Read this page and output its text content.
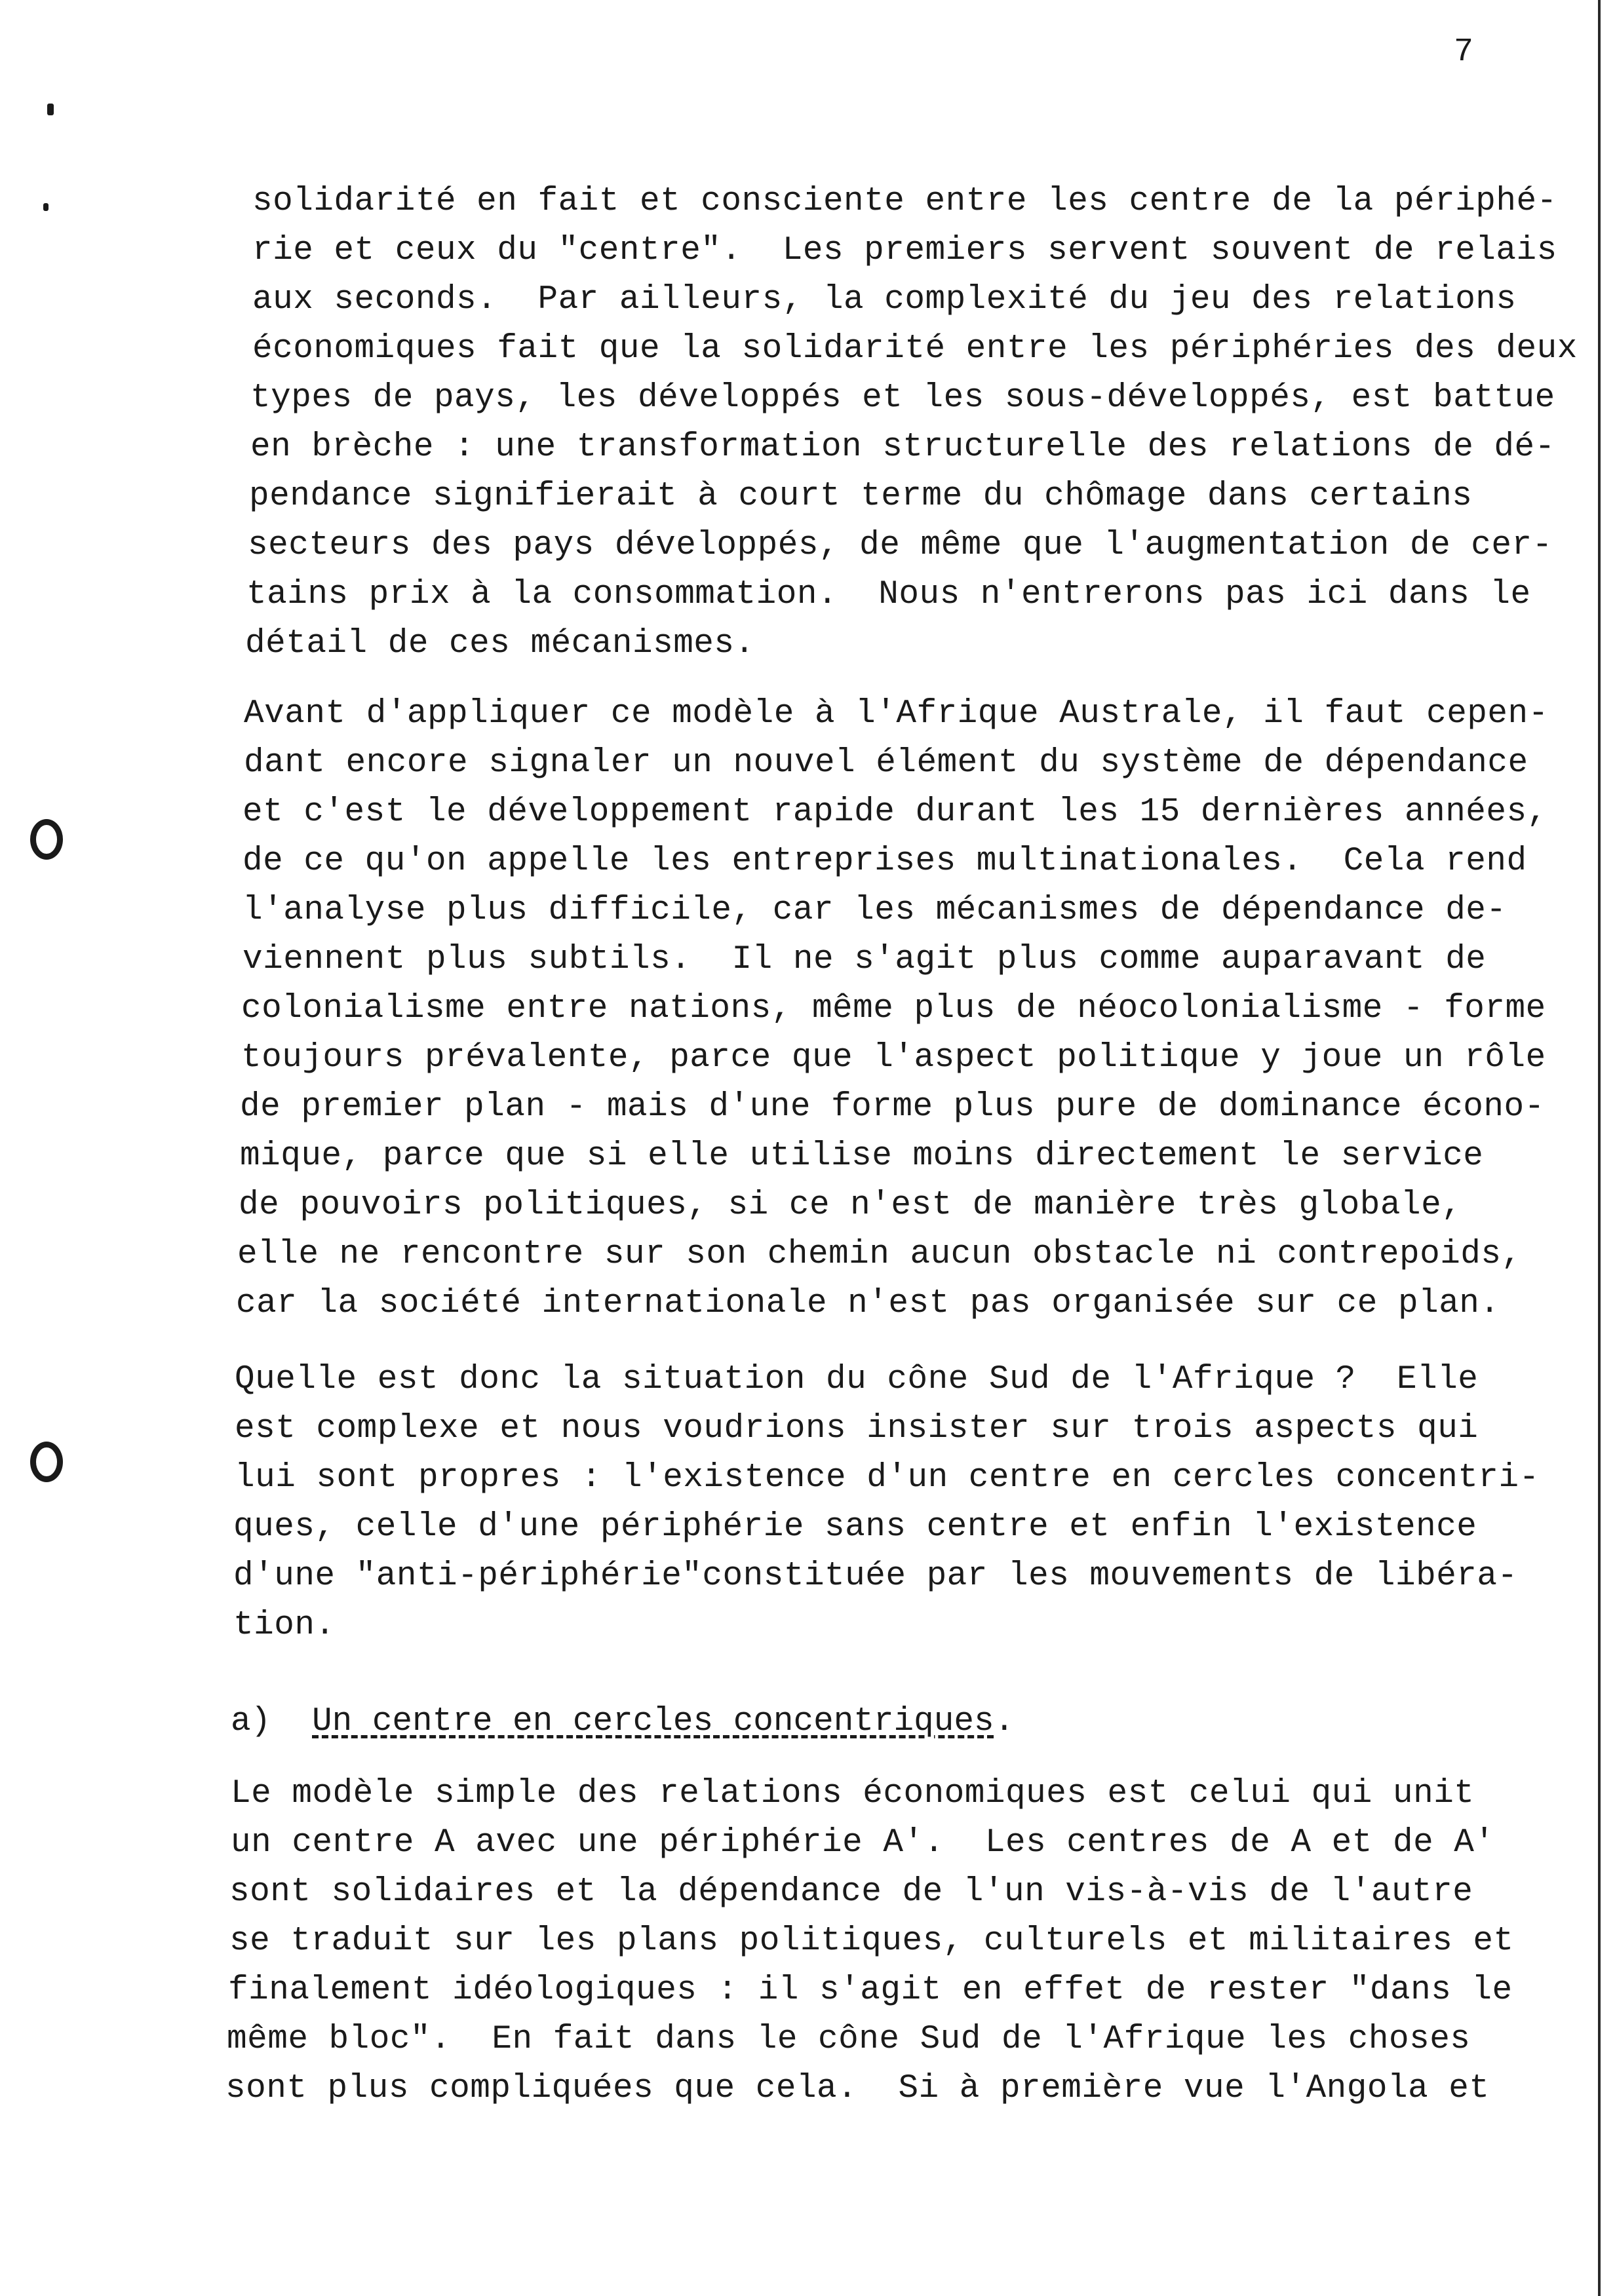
7
solidarité en fait et consciente entre les centre de la périphé-
rie et ceux du "centre".  Les premiers servent souvent de relais
aux seconds.  Par ailleurs, la complexité du jeu des relations
économiques fait que la solidarité entre les périphéries des deux
types de pays, les développés et les sous-développés, est battue
en brèche : une transformation structurelle des relations de dé-
pendance signifierait à court terme du chômage dans certains
secteurs des pays développés, de même que l'augmentation de cer-
tains prix à la consommation.  Nous n'entrerons pas ici dans le
détail de ces mécanismes.
Avant d'appliquer ce modèle à l'Afrique Australe, il faut cepen-
dant encore signaler un nouvel élément du système de dépendance
et c'est le développement rapide durant les 15 dernières années,
de ce qu'on appelle les entreprises multinationales.  Cela rend
l'analyse plus difficile, car les mécanismes de dépendance de-
viennent plus subtils.  Il ne s'agit plus comme auparavant de
colonialisme entre nations, même plus de néocolonialisme - forme
toujours prévalente, parce que l'aspect politique y joue un rôle
de premier plan - mais d'une forme plus pure de dominance écono-
mique, parce que si elle utilise moins directement le service
de pouvoirs politiques, si ce n'est de manière très globale,
elle ne rencontre sur son chemin aucun obstacle ni contrepoids,
car la société internationale n'est pas organisée sur ce plan.
Quelle est donc la situation du cône Sud de l'Afrique ?  Elle
est complexe et nous voudrions insister sur trois aspects qui
lui sont propres : l'existence d'un centre en cercles concentri-
ques, celle d'une périphérie sans centre et enfin l'existence
d'une "anti-périphérie"constituée par les mouvements de libéra-
tion.
a) Un centre en cercles concentriques .
Le modèle simple des relations économiques est celui qui unit
un centre A avec une périphérie A'.  Les centres de A et de A'
sont solidaires et la dépendance de l'un vis-à-vis de l'autre
se traduit sur les plans politiques, culturels et militaires et
finalement idéologiques : il s'agit en effet de rester "dans le
même bloc".  En fait dans le cône Sud de l'Afrique les choses
sont plus compliquées que cela.  Si à première vue l'Angola et
